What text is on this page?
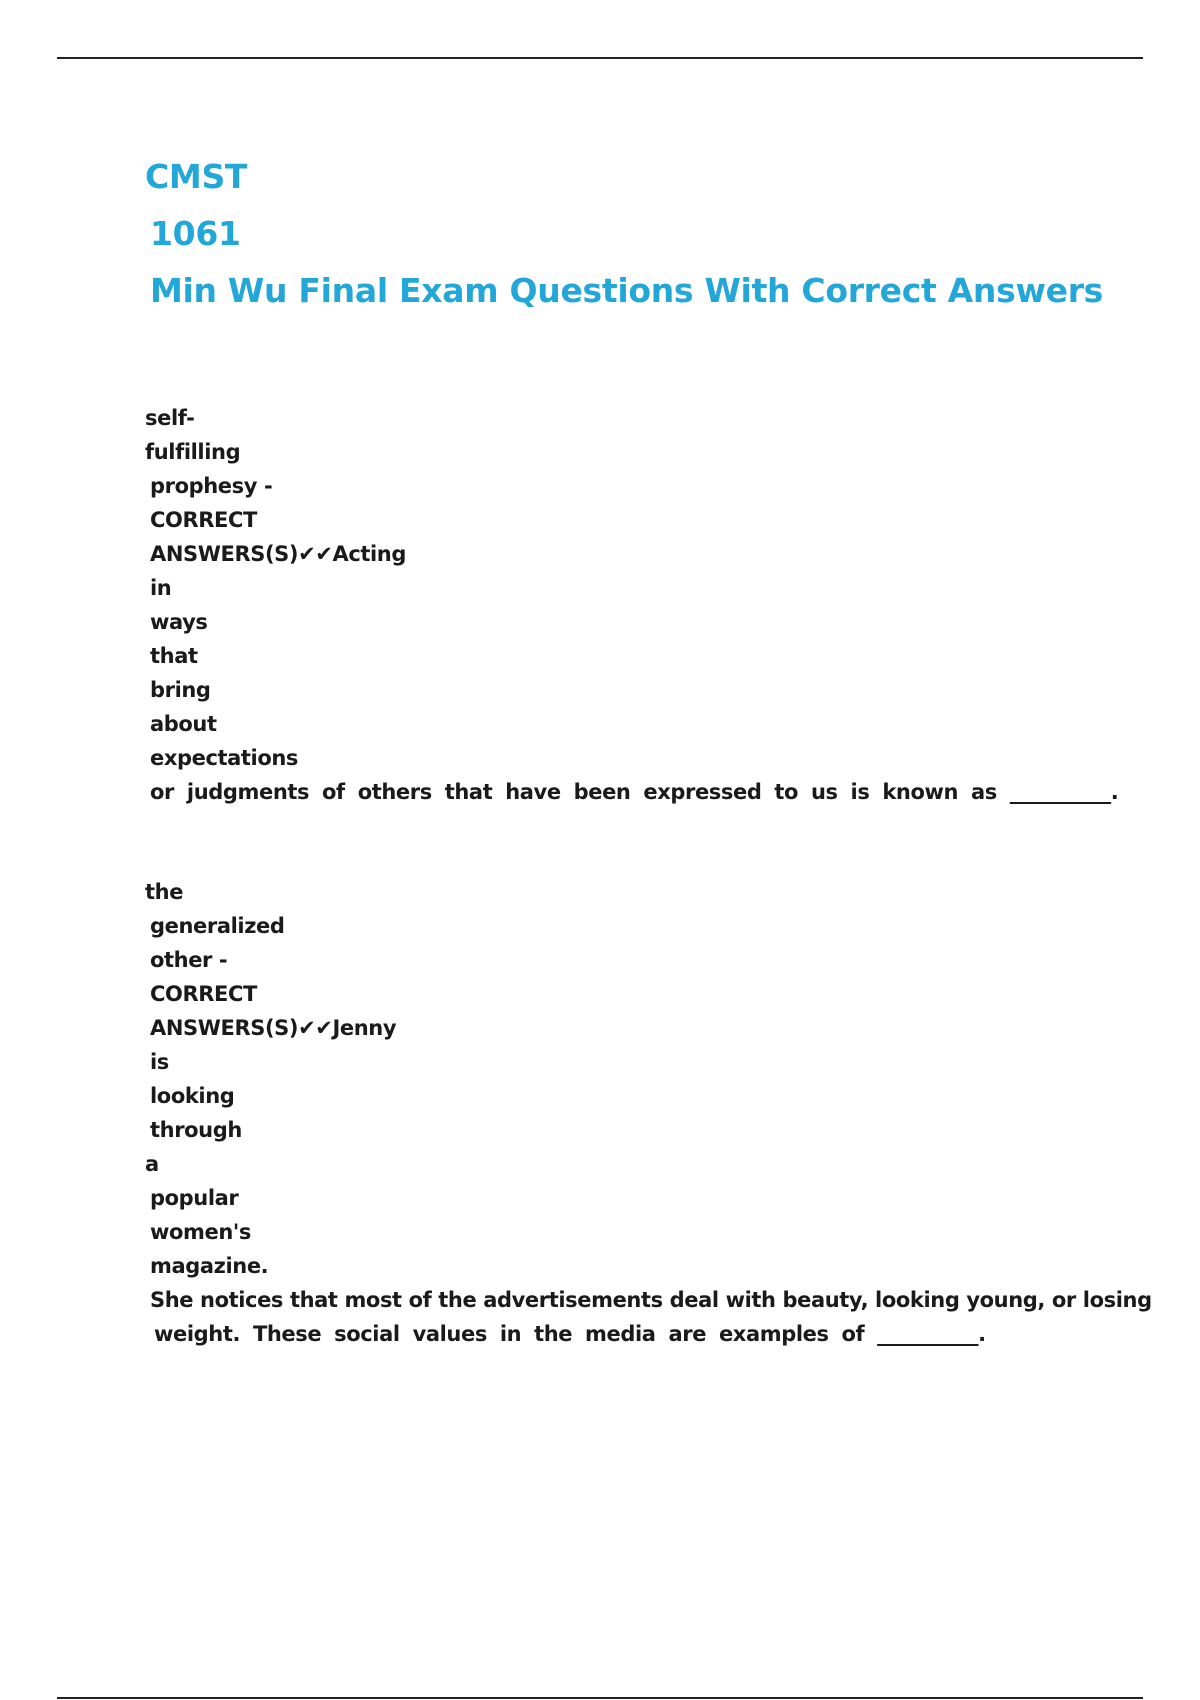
CMST
1061
Min Wu Final Exam Questions With Correct Answers
self-
fulfilling
prophesy -
CORRECT
ANSWERS(S)✔✔Acting
in
ways
that
bring
about
expectations
or judgments of others that have been expressed to us is known as __________.
the
generalized
other -
CORRECT
ANSWERS(S)✔✔Jenny
is
looking
through
a
popular
women's
magazine.
She notices that most of the advertisements deal with beauty, looking young, or losing
weight. These social values in the media are examples of __________.
